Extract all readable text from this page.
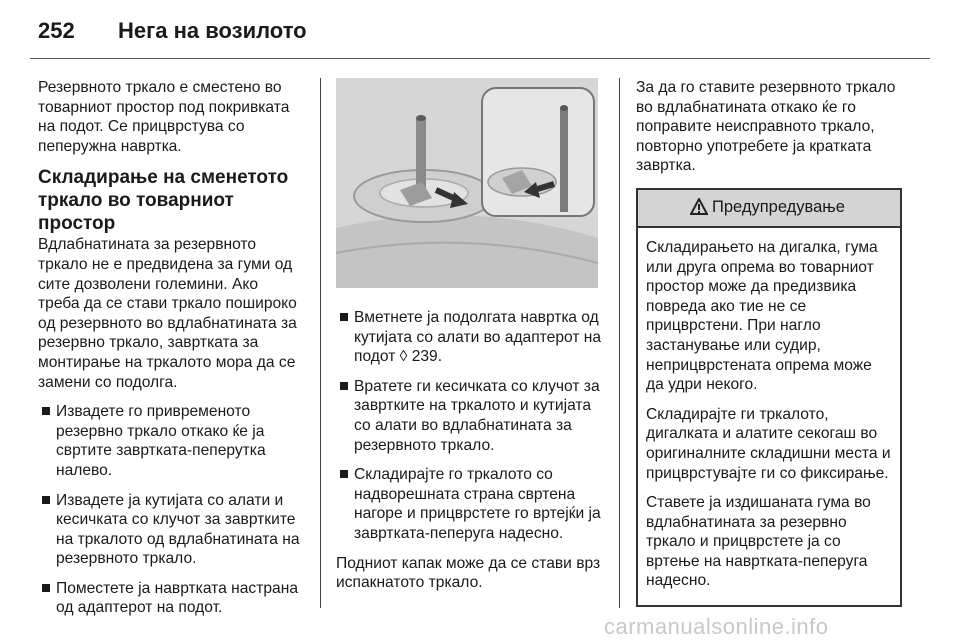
252 Нега на возилото

Резервното тркало е сместено во товарниот простор под покривката на подот. Се прицврстува со пеперужна наврткa.

Складирање на сменетото тркало во товарниот простор

Вдлабнатината за резервното тркало не е предвидена за гуми од сите дозволени големини. Ако треба да се стави тркало пошироко од резервното во вдлабнатината за резервно тркало, завртката за монтирање на тркалото мора да се замени со подолга.

Извадете го привременото резервно тркало откако ќе ја свртите завртката-пеперутка налево.
Извадете ја кутијата со алати и кесичката со клучот за завртките на тркалото од вдлабнатината на резервното тркало.
Поместете ја навртката настрана од адаптерот на подот.
Вметнете ја подолгата наврткa од кутијата со алати во адаптерот на подот ◊ 239.
Вратете ги кесичката со клучот за завртките на тркалото и кутијата со алати во вдлабнатината за резервното тркало.
Складирајте го тркалото со надворешната страна свртена нагоре и прицврстете го вртејќи ја завртката-пеперуга надесно.

Подниот капак може да се стави врз испакнатото тркало.

За да го ставите резервното тркало во вдлабнатината откако ќе го поправите неисправното тркало, повторно употребете ја кратката завртка.

Предупредување

Складирањето на дигалка, гума или друга опрема во товарниот простор може да предизвика повреда ако тие не се прицврстени. При нагло застанување или судир, неприцврстената опрема може да удри некого.

Складирајте ги тркалото, дигалката и алатите секогаш во оригиналните складишни места и прицврстувајте ги со фиксирање.

Ставете ја издишаната гума во вдлабнатината за резервно тркало и прицврстете ја со вртење на навртката-пеперуга надесно.

carmanualsonline.info
